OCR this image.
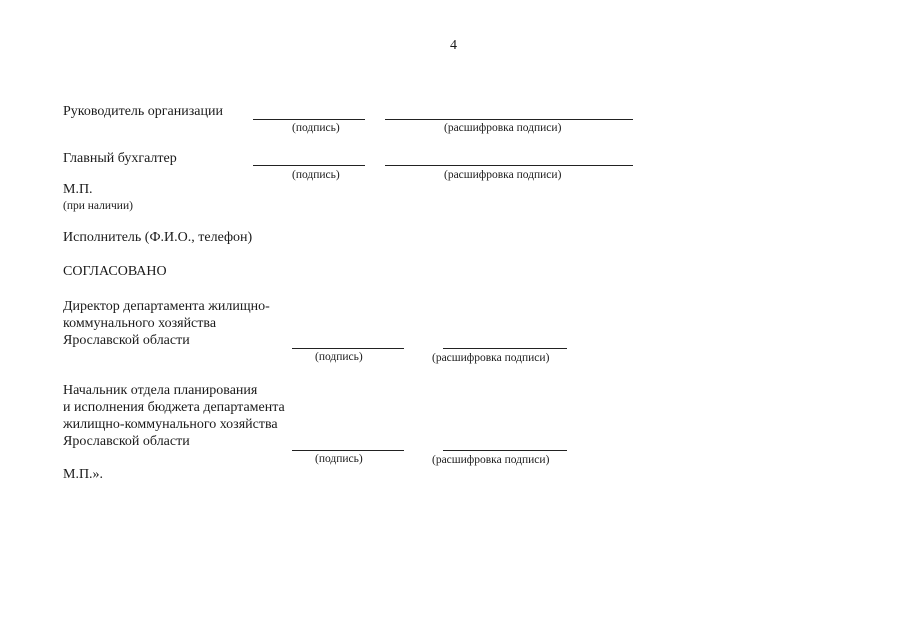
4
Руководитель организации
(подпись)	(расшифровка подписи)
Главный бухгалтер
(подпись)	(расшифровка подписи)
М.П.
(при наличии)
Исполнитель (Ф.И.О., телефон)
СОГЛАСОВАНО
Директор департамента жилищно-
коммунального хозяйства
Ярославской области
(подпись)	(расшифровка подписи)
Начальник отдела планирования
и исполнения бюджета департамента
жилищно-коммунального хозяйства
Ярославской области
(подпись)	(расшифровка подписи)
М.П.».
